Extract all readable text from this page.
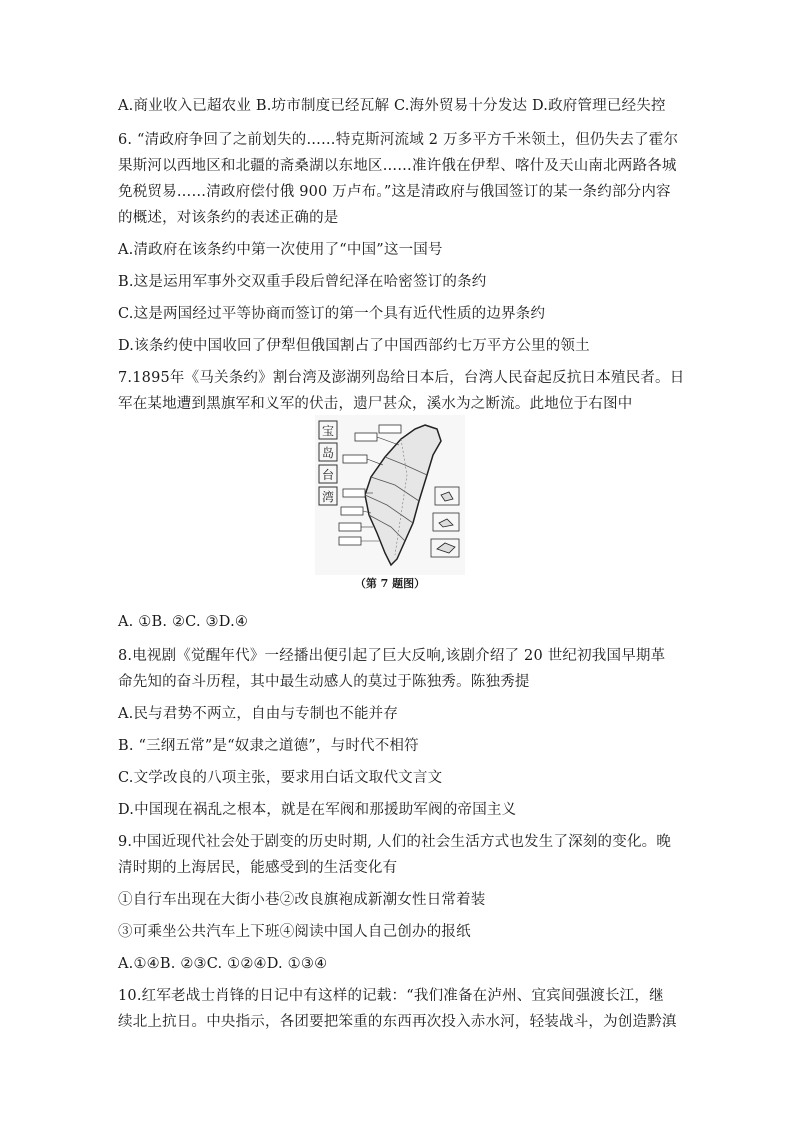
A.商业收入已超农业 B.坊市制度已经瓦解 C.海外贸易十分发达 D.政府管理已经失控
6. “清政府争回了之前划失的……特克斯河流域 2 万多平方千米领土，但仍失去了霍尔
果斯河以西地区和北疆的斋桑湖以东地区……准许俄在伊犁、喀什及天山南北两路各城
免税贸易……清政府偿付俄 900 万卢布。”这是清政府与俄国签订的某一条约部分内容
的概述，对该条约的表述正确的是
A.清政府在该条约中第一次使用了“中国”这一国号
B.这是运用军事外交双重手段后曾纪泽在哈密签订的条约
C.这是两国经过平等协商而签订的第一个具有近代性质的边界条约
D.该条约使中国收回了伊犁但俄国割占了中国西部约七万平方公里的领土
7.1895年《马关条约》割台湾及澎湖列岛给日本后，台湾人民奋起反抗日本殖民者。日
军在某地遭到黑旗军和义军的伏击，遗尸甚众，溪水为之断流。此地位于右图中
宝
岛
台
湾
（第 7 题图）
A. ①B. ②C. ③D.④
8.电视剧《觉醒年代》一经播出便引起了巨大反响,该剧介绍了 20 世纪初我国早期革
命先知的奋斗历程，其中最生动感人的莫过于陈独秀。陈独秀提
A.民与君势不两立，自由与专制也不能并存
B. “三纲五常”是“奴隶之道德”，与时代不相符
C.文学改良的八项主张，要求用白话文取代文言文
D.中国现在祸乱之根本，就是在军阀和那援助军阀的帝国主义
9.中国近现代社会处于剧变的历史时期, 人们的社会生活方式也发生了深刻的变化。晚
清时期的上海居民，能感受到的生活变化有
①自行车出现在大街小巷②改良旗袍成新潮女性日常着装
③可乘坐公共汽车上下班④阅读中国人自己创办的报纸
A.①④B. ②③C. ①②④D. ①③④
10.红军老战士肖锋的日记中有这样的记载：“我们准备在泸州、宜宾间强渡长江，继
续北上抗日。中央指示，各团要把笨重的东西再次投入赤水河，轻装战斗，为创造黔滇
